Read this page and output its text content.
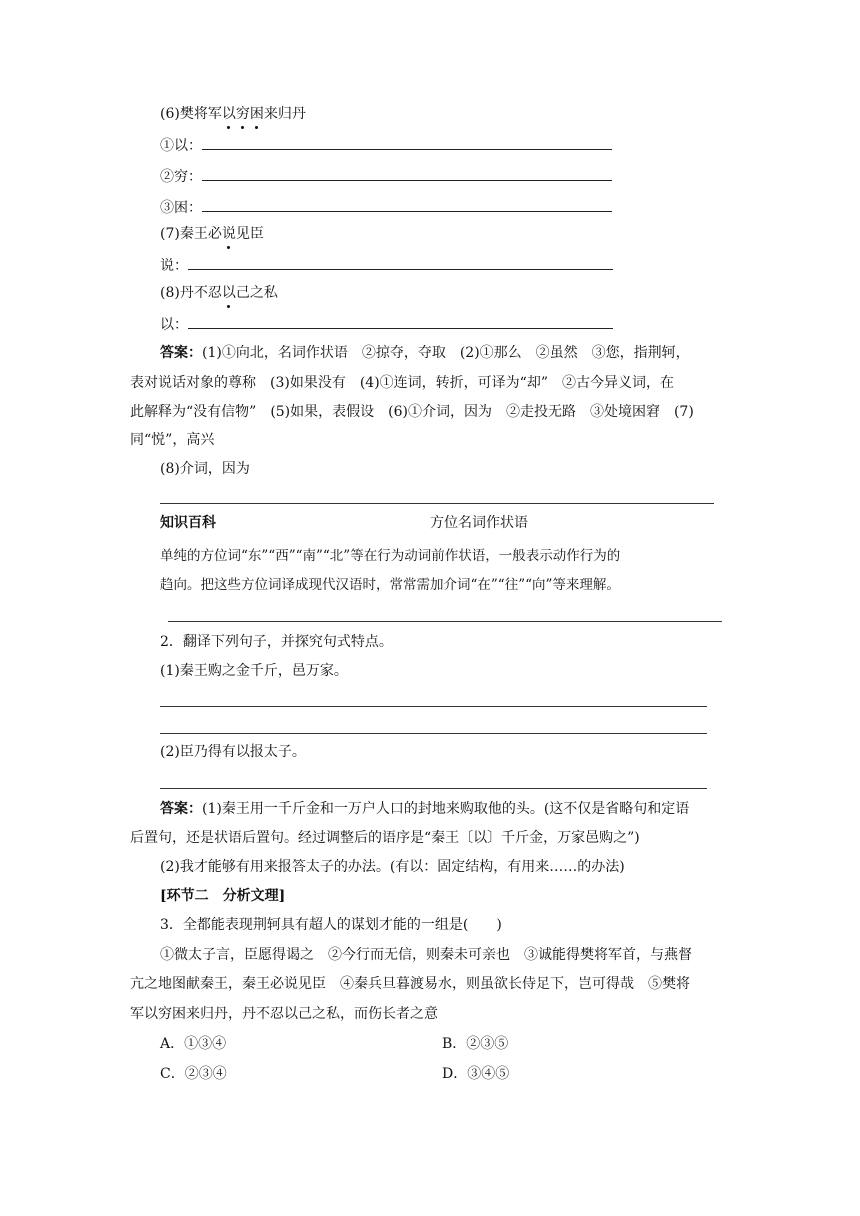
(6)樊将军以穷困来归丹
①以：
②穷：
③困：
(7)秦王必说见臣
说：
(8)丹不忍以己之私
以：
答案：(1)①向北，名词作状语　②掠夺，夺取　(2)①那么　②虽然　③您，指荆轲，
表对说话对象的尊称　(3)如果没有　(4)①连词，转折，可译为“却”　②古今异义词，在
此解释为“没有信物”　(5)如果，表假设　(6)①介词，因为　②走投无路　③处境困窘　(7)
同“悦”，高兴
(8)介词，因为
知识百科	方位名词作状语
单纯的方位词“东”“西”“南”“北”等在行为动词前作状语，一般表示动作行为的
趋向。把这些方位词译成现代汉语时，常常需加介词“在”“往”“向”等来理解。
2．翻译下列句子，并探究句式特点。
(1)秦王购之金千斤，邑万家。
(2)臣乃得有以报太子。
答案：(1)秦王用一千斤金和一万户人口的封地来购取他的头。(这不仅是省略句和定语
后置句，还是状语后置句。经过调整后的语序是“秦王〔以〕千斤金，万家邑购之”)
(2)我才能够有用来报答太子的办法。(有以：固定结构，有用来……的办法)
[环节二　分析文理]
3．全都能表现荆轲具有超人的谋划才能的一组是(　　)
①微太子言，臣愿得谒之　②今行而无信，则秦未可亲也　③诚能得樊将军首，与燕督
亢之地图献秦王，秦王必说见臣　④秦兵旦暮渡易水，则虽欲长侍足下，岂可得哉　⑤樊将
军以穷困来归丹，丹不忍以己之私，而伤长者之意
A．①③④	B．②③⑤
C．②③④	D．③④⑤
